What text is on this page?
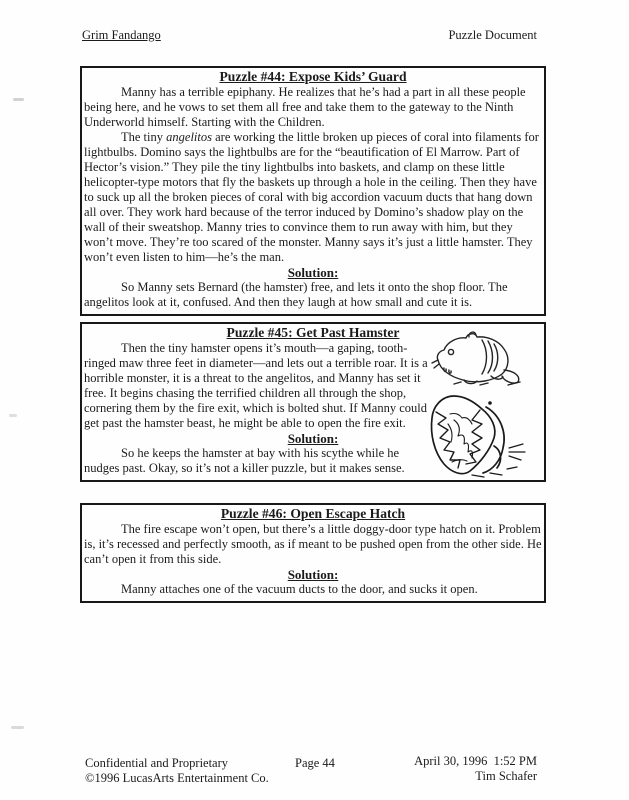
Grim Fandango	Puzzle Document

Puzzle #44: Expose Kids’ Guard

Manny has a terrible epiphany. He realizes that he’s had a part in all these people being here, and he vows to set them all free and take them to the gateway to the Ninth Underworld himself. Starting with the Children.

The tiny angelitos are working the little broken up pieces of coral into filaments for lightbulbs. Domino says the lightbulbs are for the “beautification of El Marrow. Part of Hector’s vision.” They pile the tiny lightbulbs into baskets, and clamp on these little helicopter-type motors that fly the baskets up through a hole in the ceiling. Then they have to suck up all the broken pieces of coral with big accordion vacuum ducts that hang down all over. They work hard because of the terror induced by Domino’s shadow play on the wall of their sweatshop. Manny tries to convince them to run away with him, but they won’t move. They’re too scared of the monster. Manny says it’s just a little hamster. They won’t even listen to him—he’s the man.

Solution:

So Manny sets Bernard (the hamster) free, and lets it onto the shop floor. The angelitos look at it, confused. And then they laugh at how small and cute it is.

Puzzle #45: Get Past Hamster

Then the tiny hamster opens it’s mouth—a gaping, tooth-ringed maw three feet in diameter—and lets out a terrible roar. It is a horrible monster, it is a threat to the angelitos, and Manny has set it free. It begins chasing the terrified children all through the shop, cornering them by the fire exit, which is bolted shut. If Manny could get past the hamster beast, he might be able to open the fire exit.

Solution:

So he keeps the hamster at bay with his scythe while he nudges past. Okay, so it’s not a killer puzzle, but it makes sense.

Puzzle #46: Open Escape Hatch

The fire escape won’t open, but there’s a little doggy-door type hatch on it. Problem is, it’s recessed and perfectly smooth, as if meant to be pushed open from the other side. He can’t open it from this side.

Solution:

Manny attaches one of the vacuum ducts to the door, and sucks it open.

Confidential and Proprietary
©1996 LucasArts Entertainment Co.
Page 44	April 30, 1996  1:52 PM
Tim Schafer
